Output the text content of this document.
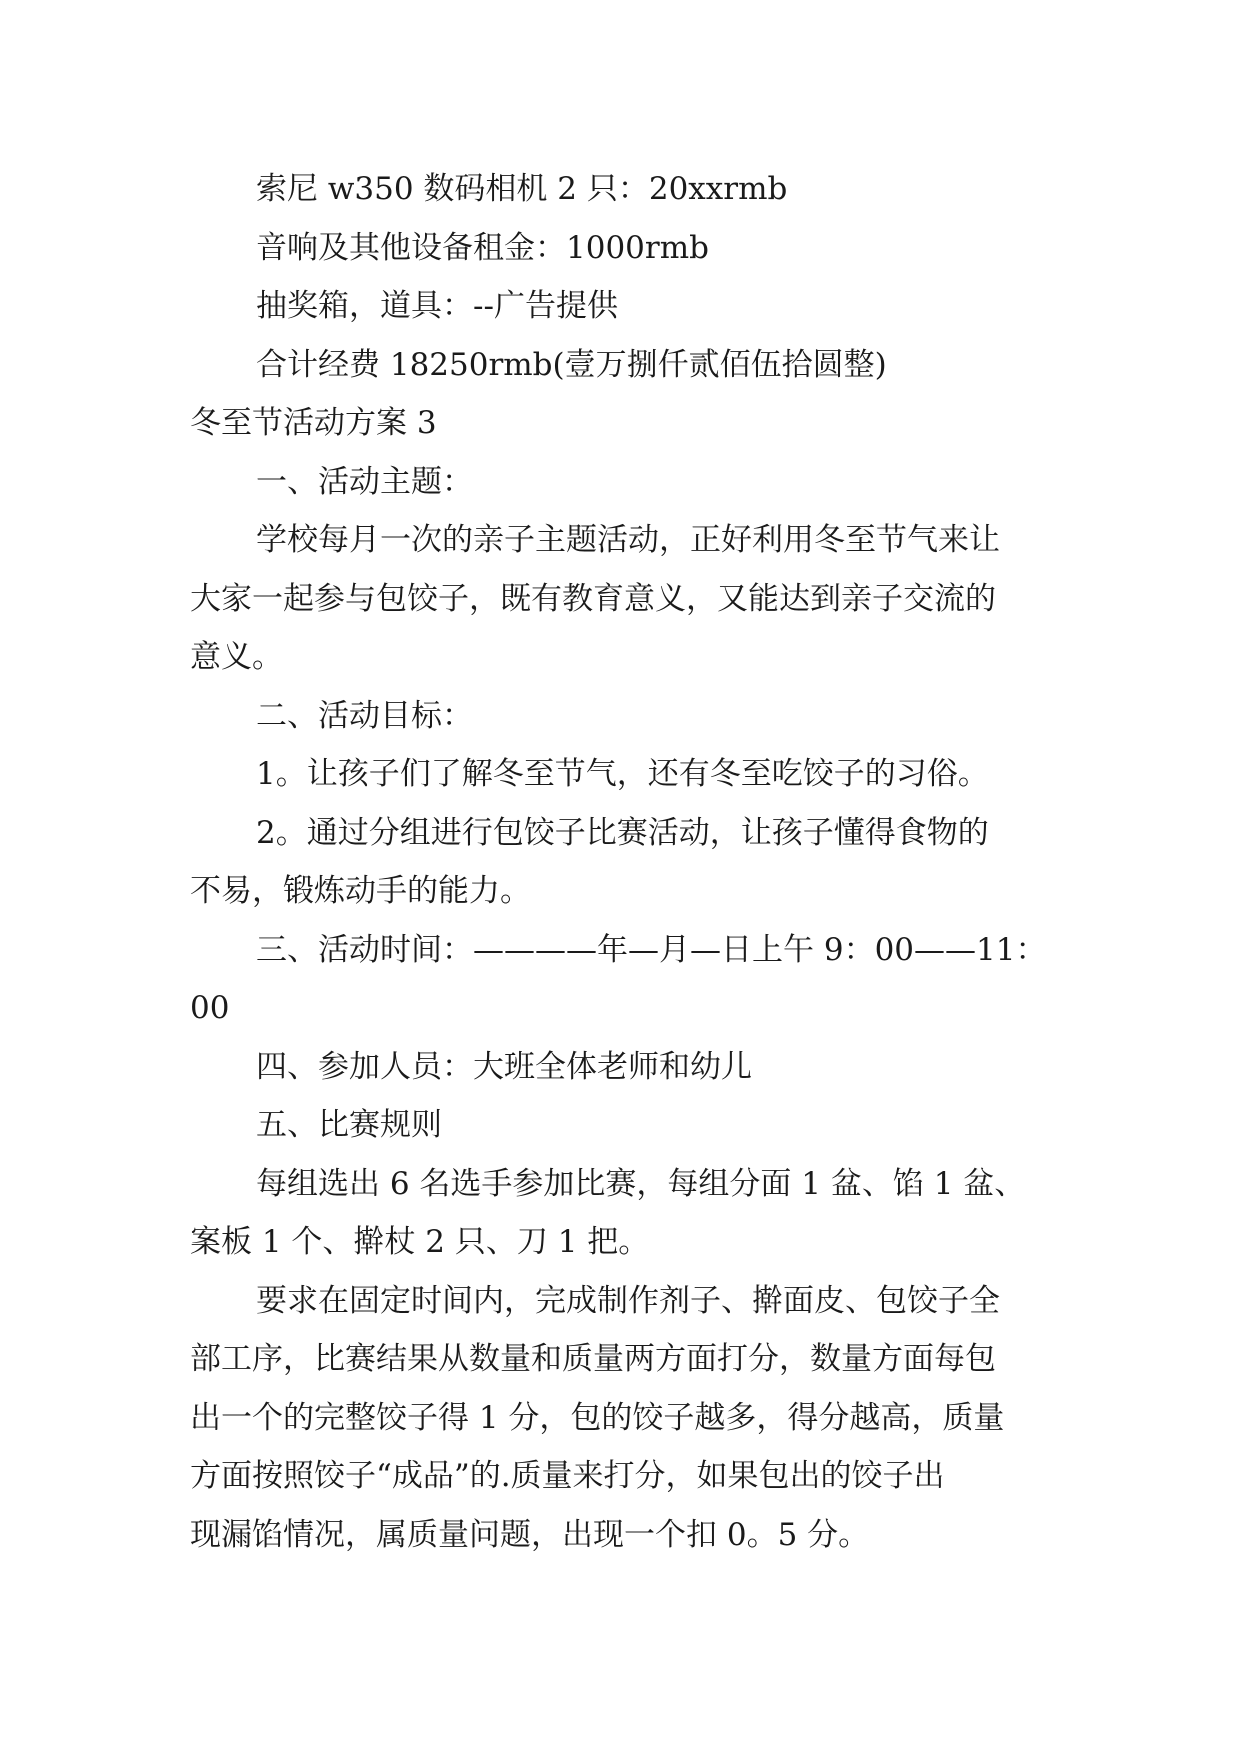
索尼 w350 数码相机 2 只：20xxrmb

音响及其他设备租金：1000rmb

抽奖箱，道具：--广告提供

合计经费 18250rmb(壹万捌仟贰佰伍拾圆整)

冬至节活动方案 3

一、活动主题：

学校每月一次的亲子主题活动，正好利用冬至节气来让

大家一起参与包饺子，既有教育意义，又能达到亲子交流的

意义。

二、活动目标：

1。让孩子们了解冬至节气，还有冬至吃饺子的习俗。

2。通过分组进行包饺子比赛活动，让孩子懂得食物的

不易，锻炼动手的能力。

三、活动时间：————年—月—日上午 9：00——11：

00

四、参加人员：大班全体老师和幼儿

五、比赛规则

每组选出 6 名选手参加比赛，每组分面 1 盆、馅 1 盆、

案板 1 个、擀杖 2 只、刀 1 把。

要求在固定时间内，完成制作剂子、擀面皮、包饺子全

部工序，比赛结果从数量和质量两方面打分，数量方面每包

出一个的完整饺子得 1 分，包的饺子越多，得分越高，质量

方面按照饺子“成品”的.质量来打分，如果包出的饺子出

现漏馅情况，属质量问题，出现一个扣 0。5 分。
